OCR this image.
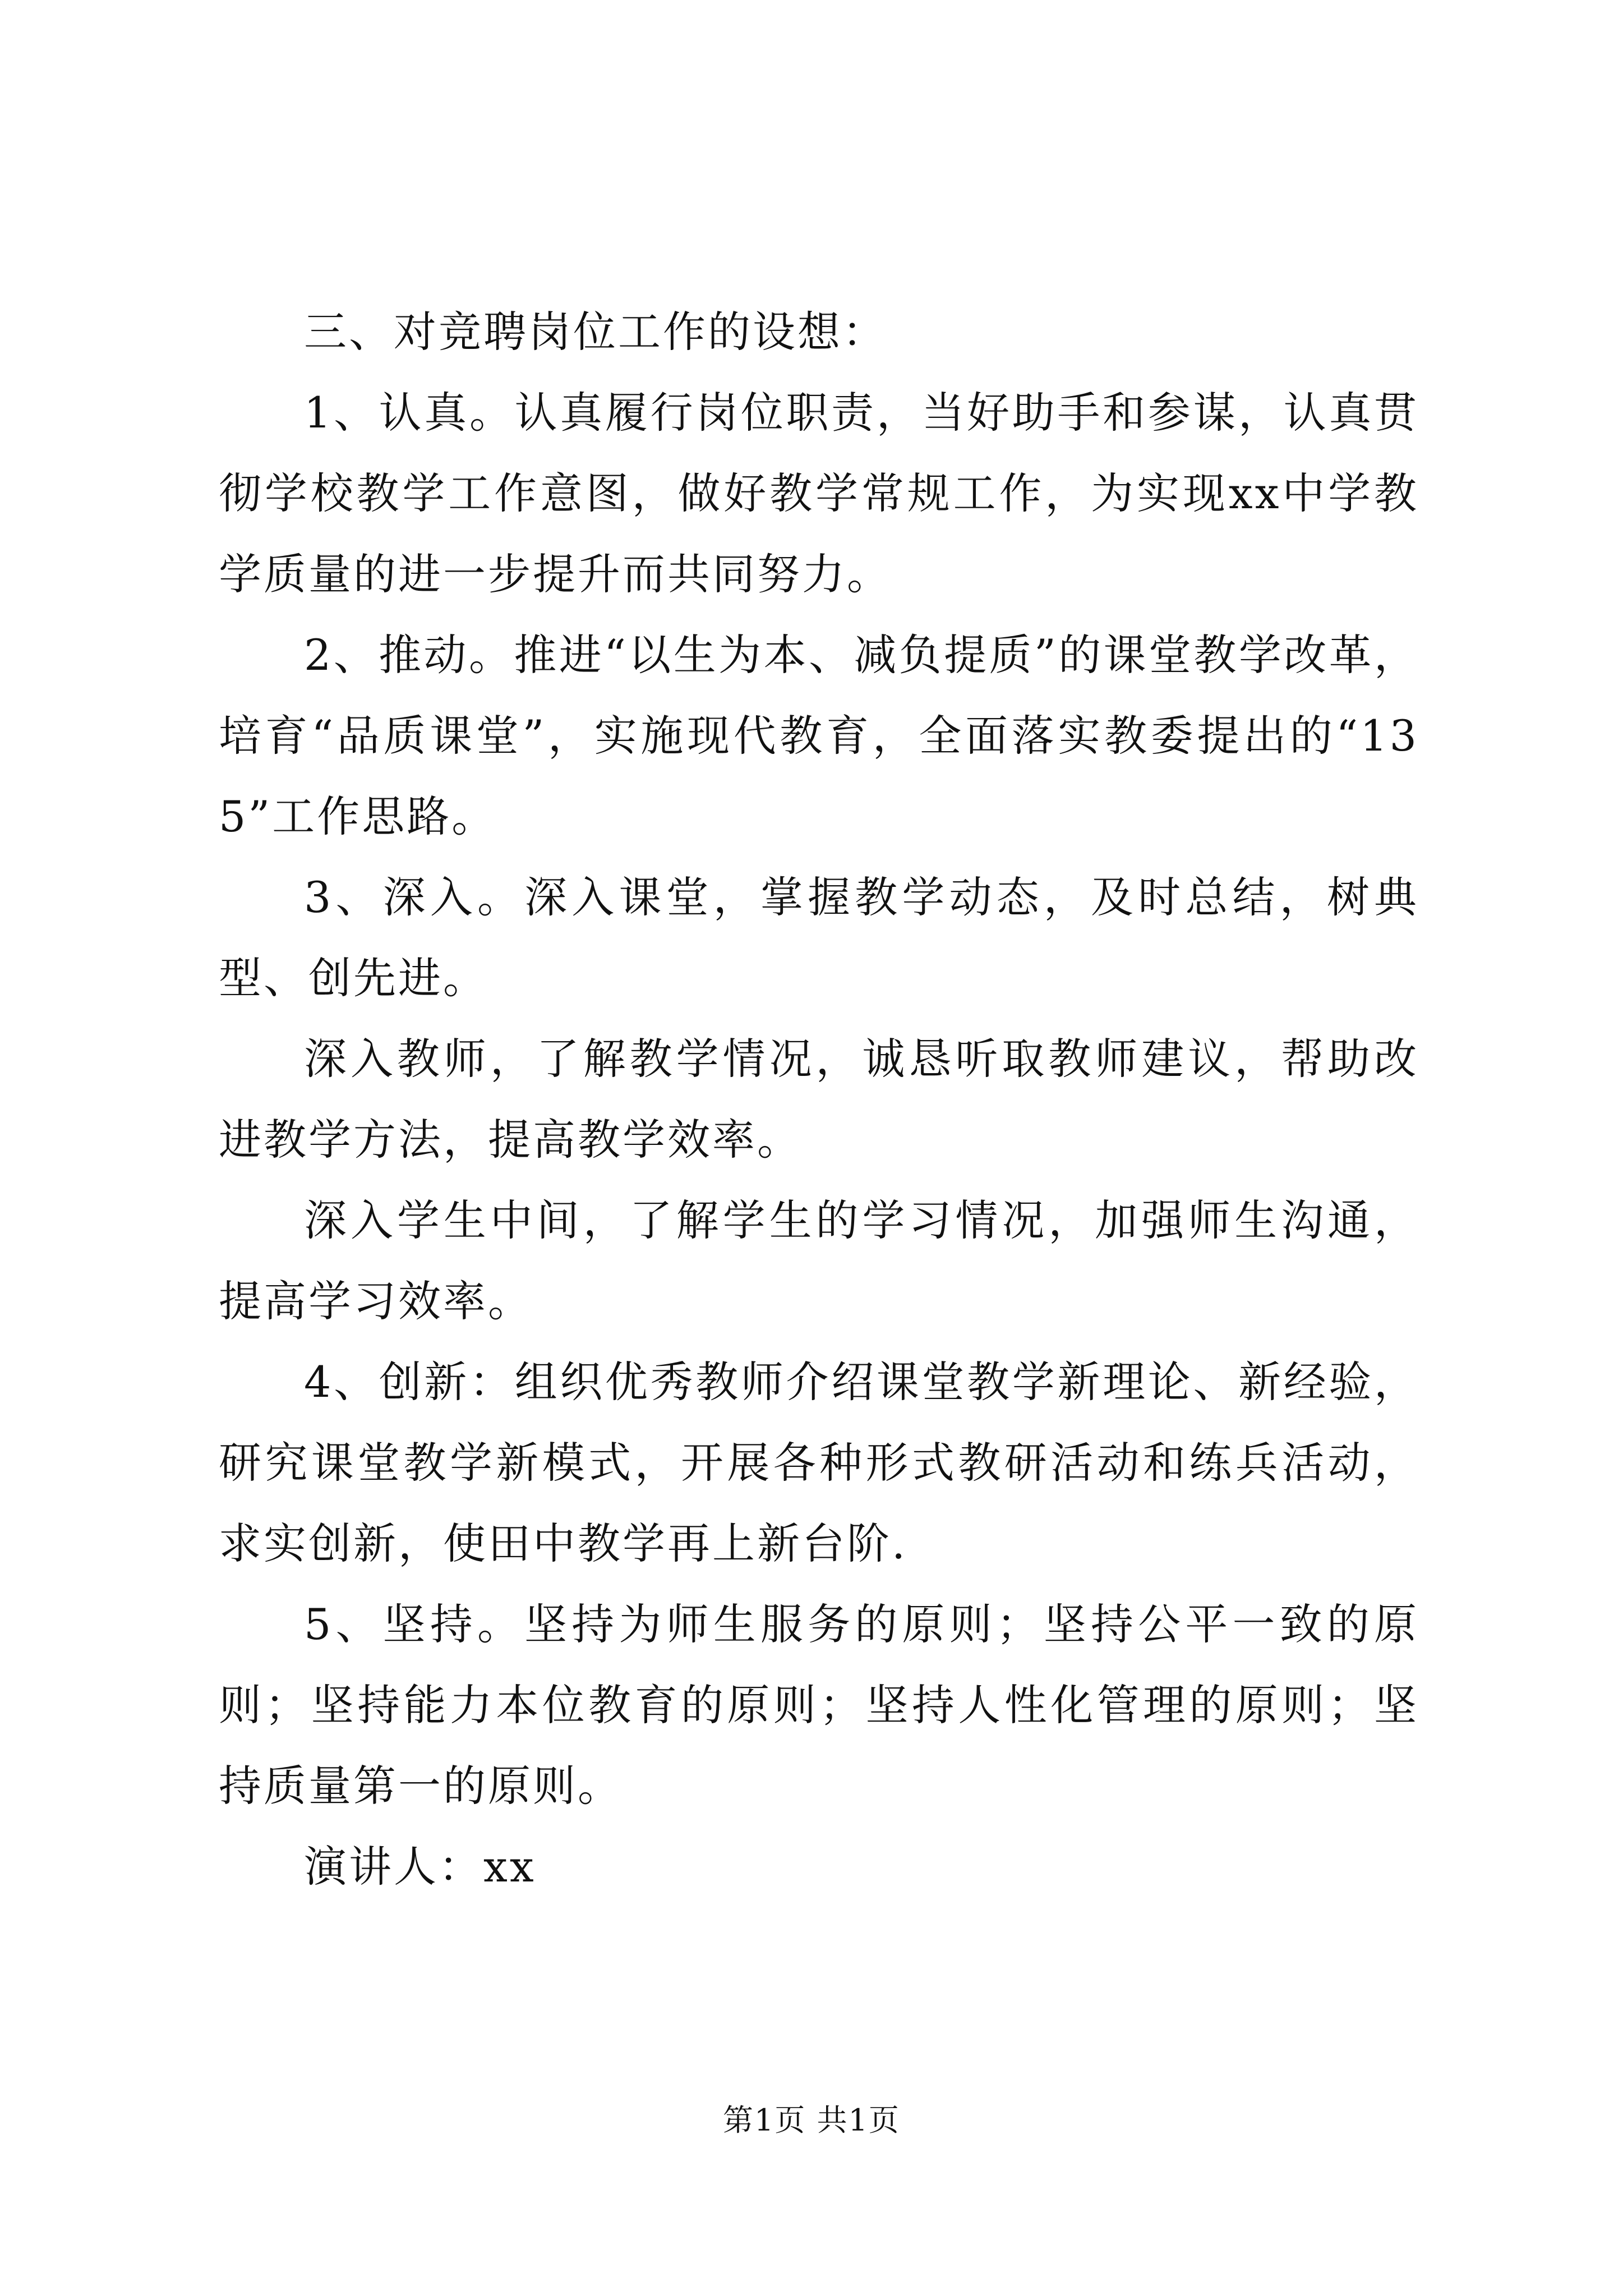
三、对竞聘岗位工作的设想：

1、认真。认真履行岗位职责，当好助手和参谋，认真贯彻学校教学工作意图，做好教学常规工作，为实现xx中学教学质量的进一步提升而共同努力。

2、推动。推进“以生为本、减负提质”的课堂教学改革，培育“品质课堂”，实施现代教育，全面落实教委提出的“135”工作思路。

3、深入。深入课堂，掌握教学动态，及时总结，树典型、创先进。

深入教师，了解教学情况，诚恳听取教师建议，帮助改进教学方法，提高教学效率。

深入学生中间，了解学生的学习情况，加强师生沟通，提高学习效率。

4、创新：组织优秀教师介绍课堂教学新理论、新经验，研究课堂教学新模式，开展各种形式教研活动和练兵活动，求实创新，使田中教学再上新台阶.

5、坚持。坚持为师生服务的原则；坚持公平一致的原则；坚持能力本位教育的原则；坚持人性化管理的原则；坚持质量第一的原则。

演讲人：xx

第1页 共1页
